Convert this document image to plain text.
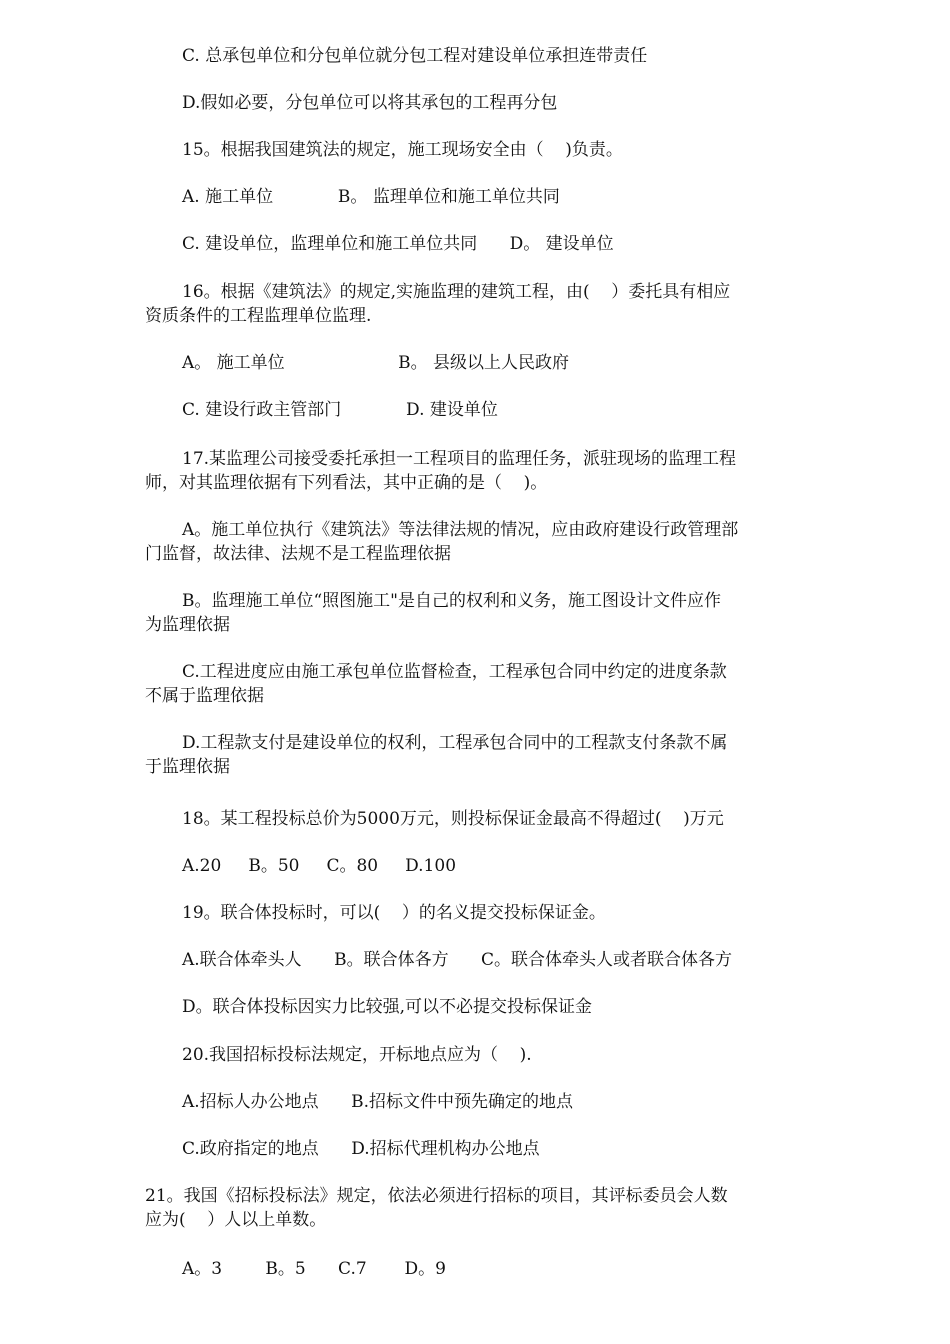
C. 总承包单位和分包单位就分包工程对建设单位承担连带责任
D.假如必要，分包单位可以将其承包的工程再分包
15。根据我国建筑法的规定，施工现场安全由（    )负责。
A. 施工单位            B。 监理单位和施工单位共同
C. 建设单位，监理单位和施工单位共同      D。 建设单位
16。根据《建筑法》的规定,实施监理的建筑工程，由(    ）委托具有相应
资质条件的工程监理单位监理.
A。 施工单位                     B。 县级以上人民政府
C. 建设行政主管部门            D. 建设单位
17.某监理公司接受委托承担一工程项目的监理任务，派驻现场的监理工程
师，对其监理依据有下列看法，其中正确的是（    )。
A。施工单位执行《建筑法》等法律法规的情况，应由政府建设行政管理部
门监督，故法律、法规不是工程监理依据
B。监理施工单位“照图施工"是自己的权利和义务，施工图设计文件应作
为监理依据
C.工程进度应由施工承包单位监督检查，工程承包合同中约定的进度条款
不属于监理依据
D.工程款支付是建设单位的权利，工程承包合同中的工程款支付条款不属
于监理依据
18。某工程投标总价为5000万元，则投标保证金最高不得超过(    )万元
A.20     B。50     C。80     D.100
19。联合体投标时，可以(    ）的名义提交投标保证金。
A.联合体牵头人      B。联合体各方      C。联合体牵头人或者联合体各方
D。联合体投标因实力比较强,可以不必提交投标保证金
20.我国招标投标法规定，开标地点应为（    ).
A.招标人办公地点      B.招标文件中预先确定的地点
C.政府指定的地点      D.招标代理机构办公地点
21。我国《招标投标法》规定，依法必须进行招标的项目，其评标委员会人数
应为(    ）人以上单数。
A。3        B。5      C.7       D。9
